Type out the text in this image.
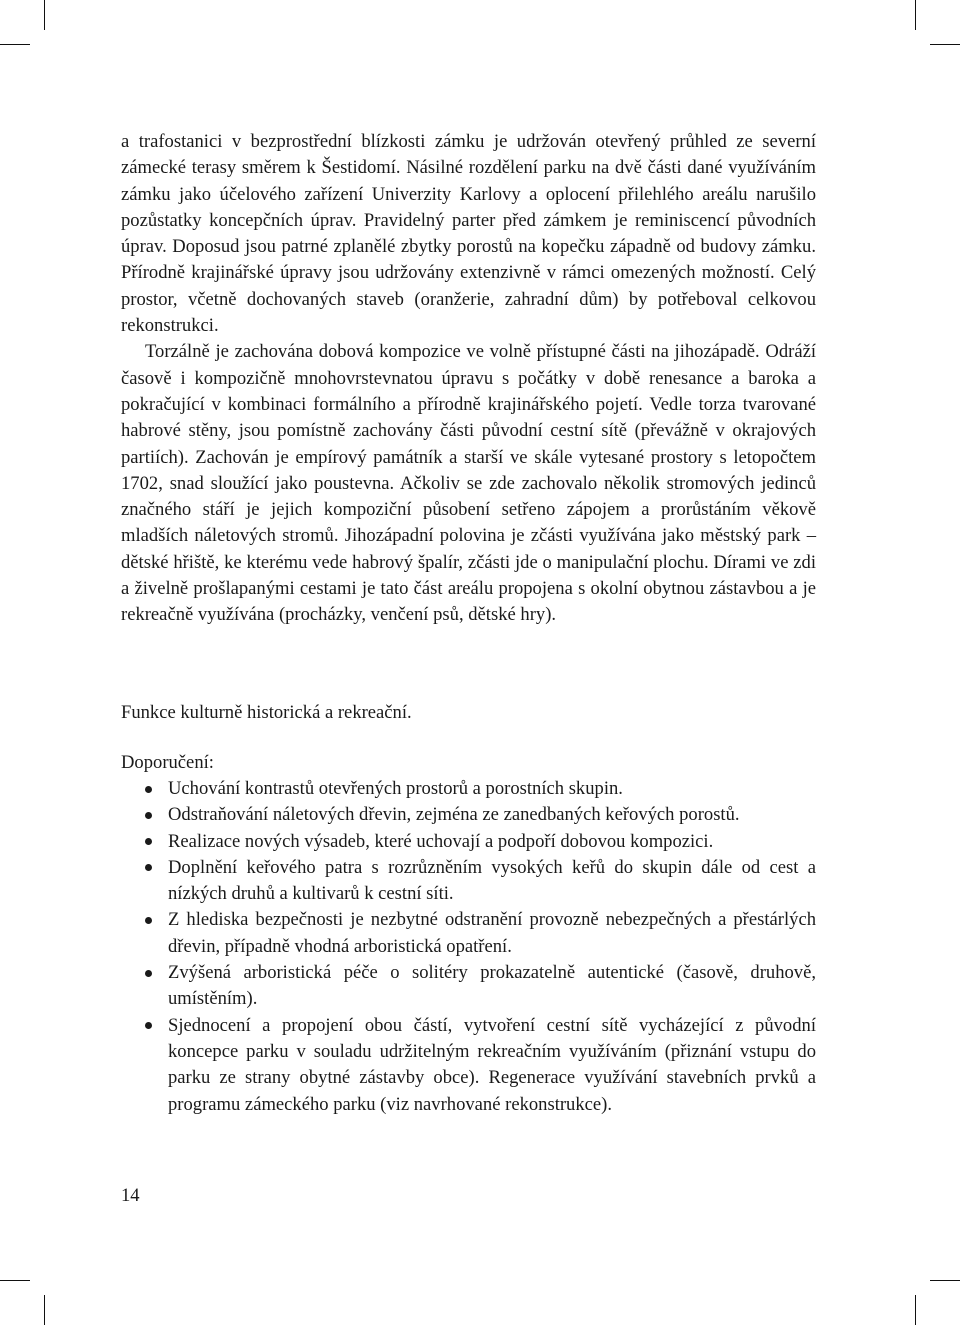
a trafostanici v bezprostřední blízkosti zámku je udržován otevřený průhled ze severní zámecké terasy směrem k Šestidomí. Násilné rozdělení parku na dvě části dané využíváním zámku jako účelového zařízení Univerzity Karlovy a oplocení přilehlého areálu narušilo pozůstatky koncepčních úprav. Pravidelný parter před zámkem je reminiscencí původních úprav. Doposud jsou patrné zplanělé zbytky porostů na kopečku západně od budovy zámku. Přírodně krajinářské úpravy jsou udržovány extenzivně v rámci omezených možností. Celý prostor, včetně dochovaných staveb (oranžerie, zahradní dům) by potřeboval celkovou rekonstrukci.

Torzálně je zachována dobová kompozice ve volně přístupné části na jihozápadě. Odráží časově i kompozičně mnohovrstevnatou úpravu s počátky v době renesance a baroka a pokračující v kombinaci formálního a přírodně krajinářského pojetí. Vedle torza tvarované habrové stěny, jsou pomístně zachovány části původní cestní sítě (převážně v okrajových partiích). Zachován je empírový památník a starší ve skále vytesané prostory s letopočtem 1702, snad sloužící jako poustevna. Ačkoliv se zde zachovalo několik stromových jedinců značného stáří je jejich kompoziční působení setřeno zápojem a prorůstáním věkově mladších náletových stromů. Jihozápadní polovina je zčásti využívána jako městský park – dětské hřiště, ke kterému vede habrový špalír, zčásti jde o manipulační plochu. Dírami ve zdi a živelně prošlapanými cestami je tato část areálu propojena s okolní obytnou zástavbou a je rekreačně využívána (procházky, venčení psů, dětské hry).

Funkce kulturně historická a rekreační.

Doporučení:

Uchování kontrastů otevřených prostorů a porostních skupin.
Odstraňování náletových dřevin, zejména ze zanedbaných keřových porostů.
Realizace nových výsadeb, které uchovají a podpoří dobovou kompozici.
Doplnění keřového patra s rozrůzněním vysokých keřů do skupin dále od cest a nízkých druhů a kultivarů k cestní síti.
Z hlediska bezpečnosti je nezbytné odstranění provozně nebezpečných a přestárlých dřevin, případně vhodná arboristická opatření.
Zvýšená arboristická péče o solitéry prokazatelně autentické (časově, druhově, umístěním).
Sjednocení a propojení obou částí, vytvoření cestní sítě vycházející z původní koncepce parku v souladu udržitelným rekreačním využíváním (přiznání vstupu do parku ze strany obytné zástavby obce). Regenerace využívání stavebních prvků a programu zámeckého parku (viz navrhované rekonstrukce).

14
